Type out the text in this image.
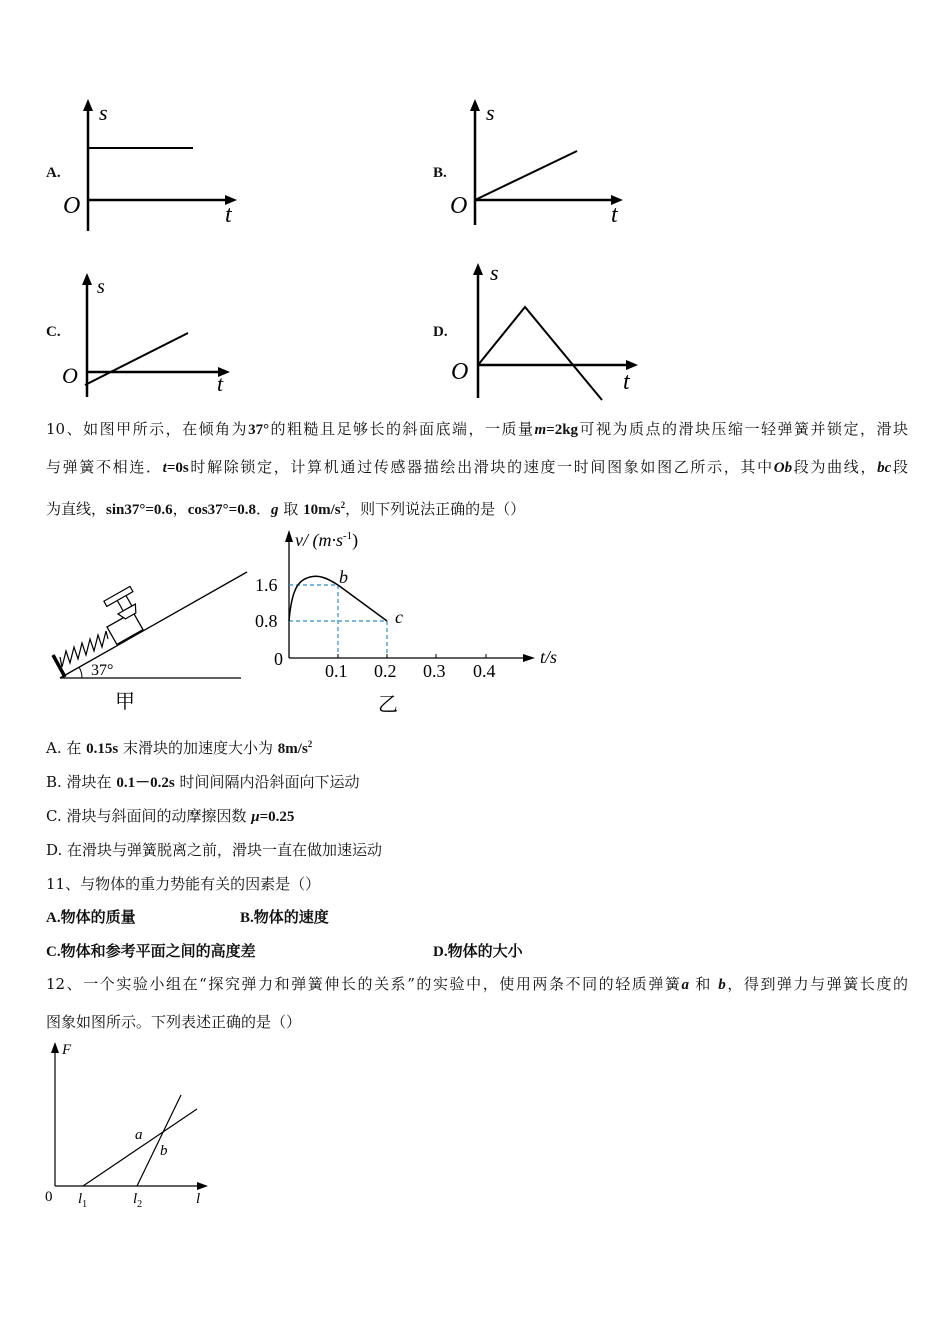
A.
s
t
O
B.
s
t
O
C.
s
t
O
D.
s
t
O
10、如图甲所示，在倾角为37°的粗糙且足够长的斜面底端，一质量m=2kg可视为质点的滑块压缩一轻弹簧并锁定，滑块
与弹簧不相连．t=0s时解除锁定，计算机通过传感器描绘出滑块的速度一时间图象如图乙所示，其中Ob段为曲线，bc段
为直线，sin37°=0.6，cos37°=0.8．g 取 $10m/s^2$，则下列说法正确的是（）
37°
甲
v/ $(m\cdot s^{-1})$
1.6
0.8
0
0.1 0.2 0.3 0.4
t/s
b
c
乙
A. 在 0.15s 末滑块的加速度大小为 $8m/s^2$
B. 滑块在 0.1－0.2s 时间间隔内沿斜面向下运动
C. 滑块与斜面间的动摩擦因数 μ=0.25
D. 在滑块与弹簧脱离之前，滑块一直在做加速运动
11、与物体的重力势能有关的因素是（）
A.物体的质量	B.物体的速度
C.物体和参考平面之间的高度差	D.物体的大小
12、一个实验小组在“探究弹力和弹簧伸长的关系”的实验中，使用两条不同的轻质弹簧a 和 b，得到弹力与弹簧长度的
图象如图所示。下列表述正确的是（）
F
l
0 $l_1$	$l_2$
a
b
